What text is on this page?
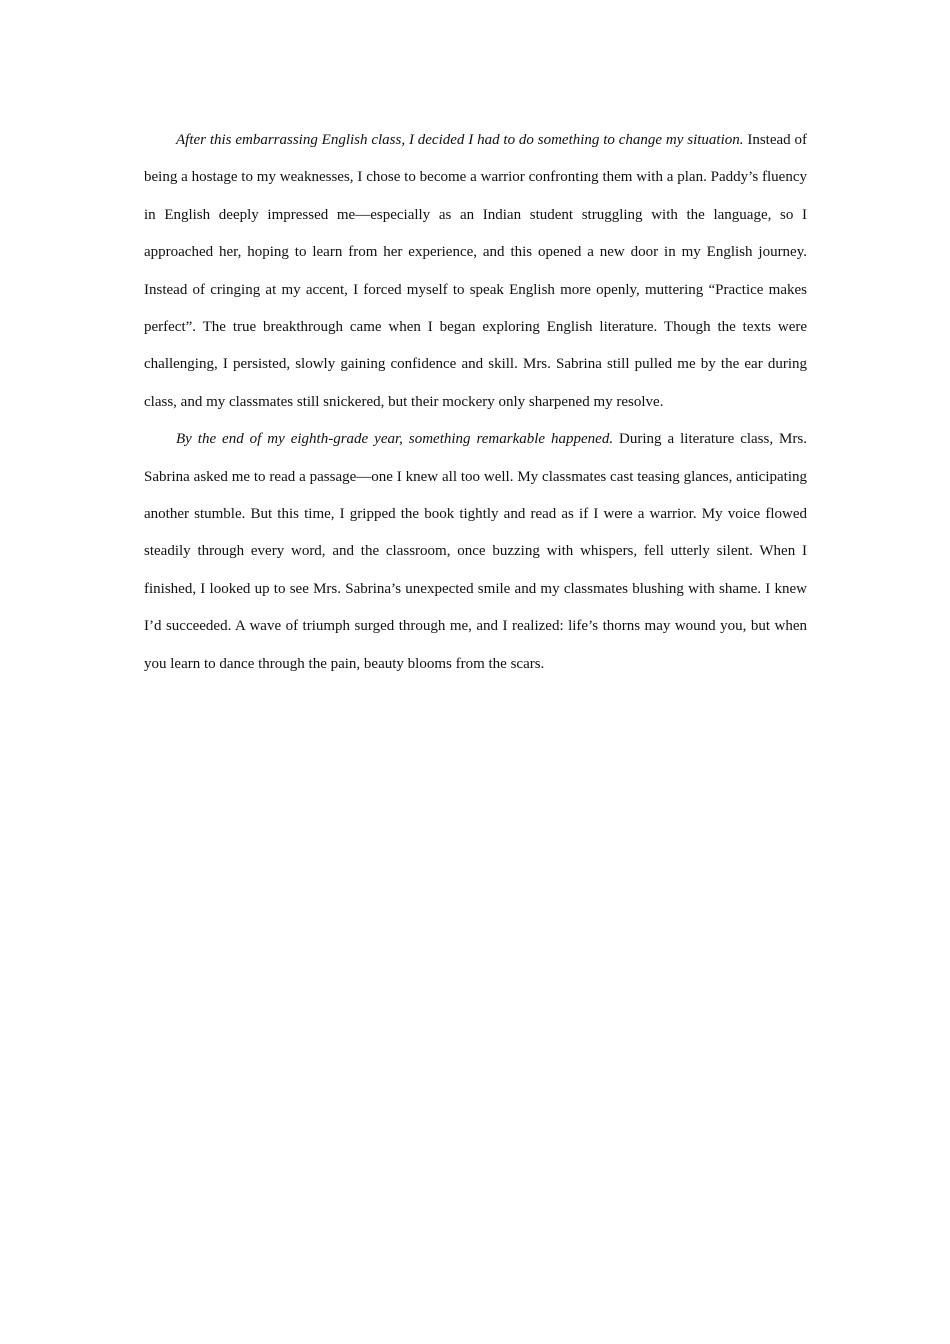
After this embarrassing English class, I decided I had to do something to change my situation. Instead of being a hostage to my weaknesses, I chose to become a warrior confronting them with a plan. Paddy’s fluency in English deeply impressed me—especially as an Indian student struggling with the language, so I approached her, hoping to learn from her experience, and this opened a new door in my English journey. Instead of cringing at my accent, I forced myself to speak English more openly, muttering “Practice makes perfect”. The true breakthrough came when I began exploring English literature. Though the texts were challenging, I persisted, slowly gaining confidence and skill. Mrs. Sabrina still pulled me by the ear during class, and my classmates still snickered, but their mockery only sharpened my resolve.

By the end of my eighth-grade year, something remarkable happened. During a literature class, Mrs. Sabrina asked me to read a passage—one I knew all too well. My classmates cast teasing glances, anticipating another stumble. But this time, I gripped the book tightly and read as if I were a warrior. My voice flowed steadily through every word, and the classroom, once buzzing with whispers, fell utterly silent. When I finished, I looked up to see Mrs. Sabrina’s unexpected smile and my classmates blushing with shame. I knew I’d succeeded. A wave of triumph surged through me, and I realized: life’s thorns may wound you, but when you learn to dance through the pain, beauty blooms from the scars.
